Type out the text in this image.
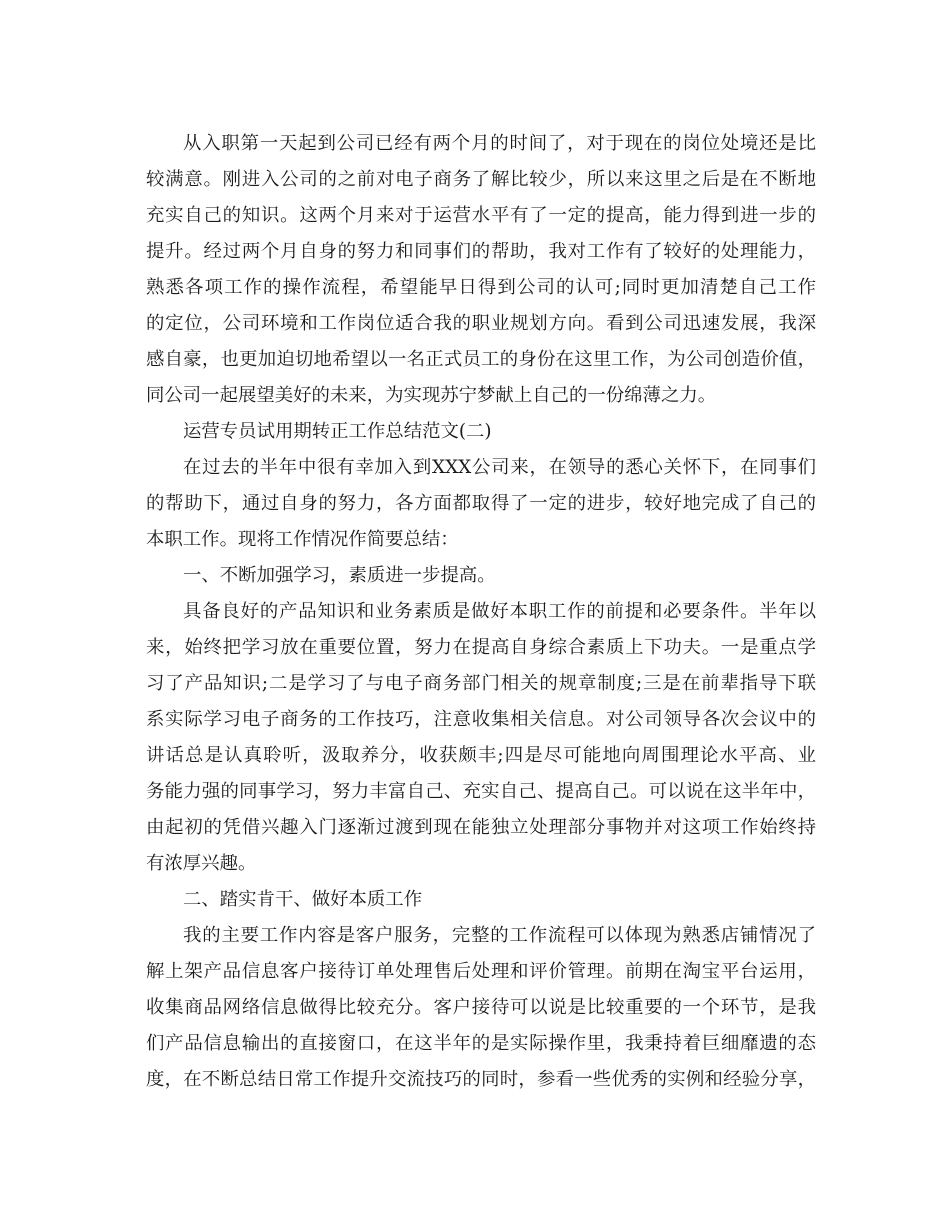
从入职第一天起到公司已经有两个月的时间了，对于现在的岗位处境还是比
较满意。刚进入公司的之前对电子商务了解比较少，所以来这里之后是在不断地
充实自己的知识。这两个月来对于运营水平有了一定的提高，能力得到进一步的
提升。经过两个月自身的努力和同事们的帮助，我对工作有了较好的处理能力，
熟悉各项工作的操作流程，希望能早日得到公司的认可;同时更加清楚自己工作
的定位，公司环境和工作岗位适合我的职业规划方向。看到公司迅速发展，我深
感自豪，也更加迫切地希望以一名正式员工的身份在这里工作，为公司创造价值，
同公司一起展望美好的未来，为实现苏宁梦献上自己的一份绵薄之力。
运营专员试用期转正工作总结范文(二)
在过去的半年中很有幸加入到XXX公司来，在领导的悉心关怀下，在同事们
的帮助下，通过自身的努力，各方面都取得了一定的进步，较好地完成了自己的
本职工作。现将工作情况作简要总结：
一、不断加强学习，素质进一步提高。
具备良好的产品知识和业务素质是做好本职工作的前提和必要条件。半年以
来，始终把学习放在重要位置，努力在提高自身综合素质上下功夫。一是重点学
习了产品知识;二是学习了与电子商务部门相关的规章制度;三是在前辈指导下联
系实际学习电子商务的工作技巧，注意收集相关信息。对公司领导各次会议中的
讲话总是认真聆听，汲取养分，收获颇丰;四是尽可能地向周围理论水平高、业
务能力强的同事学习，努力丰富自己、充实自己、提高自己。可以说在这半年中，
由起初的凭借兴趣入门逐渐过渡到现在能独立处理部分事物并对这项工作始终持
有浓厚兴趣。
二、踏实肯干、做好本质工作
我的主要工作内容是客户服务，完整的工作流程可以体现为熟悉店铺情况了
解上架产品信息客户接待订单处理售后处理和评价管理。前期在淘宝平台运用，
收集商品网络信息做得比较充分。客户接待可以说是比较重要的一个环节，是我
们产品信息输出的直接窗口，在这半年的是实际操作里，我秉持着巨细靡遗的态
度，在不断总结日常工作提升交流技巧的同时，参看一些优秀的实例和经验分享，
